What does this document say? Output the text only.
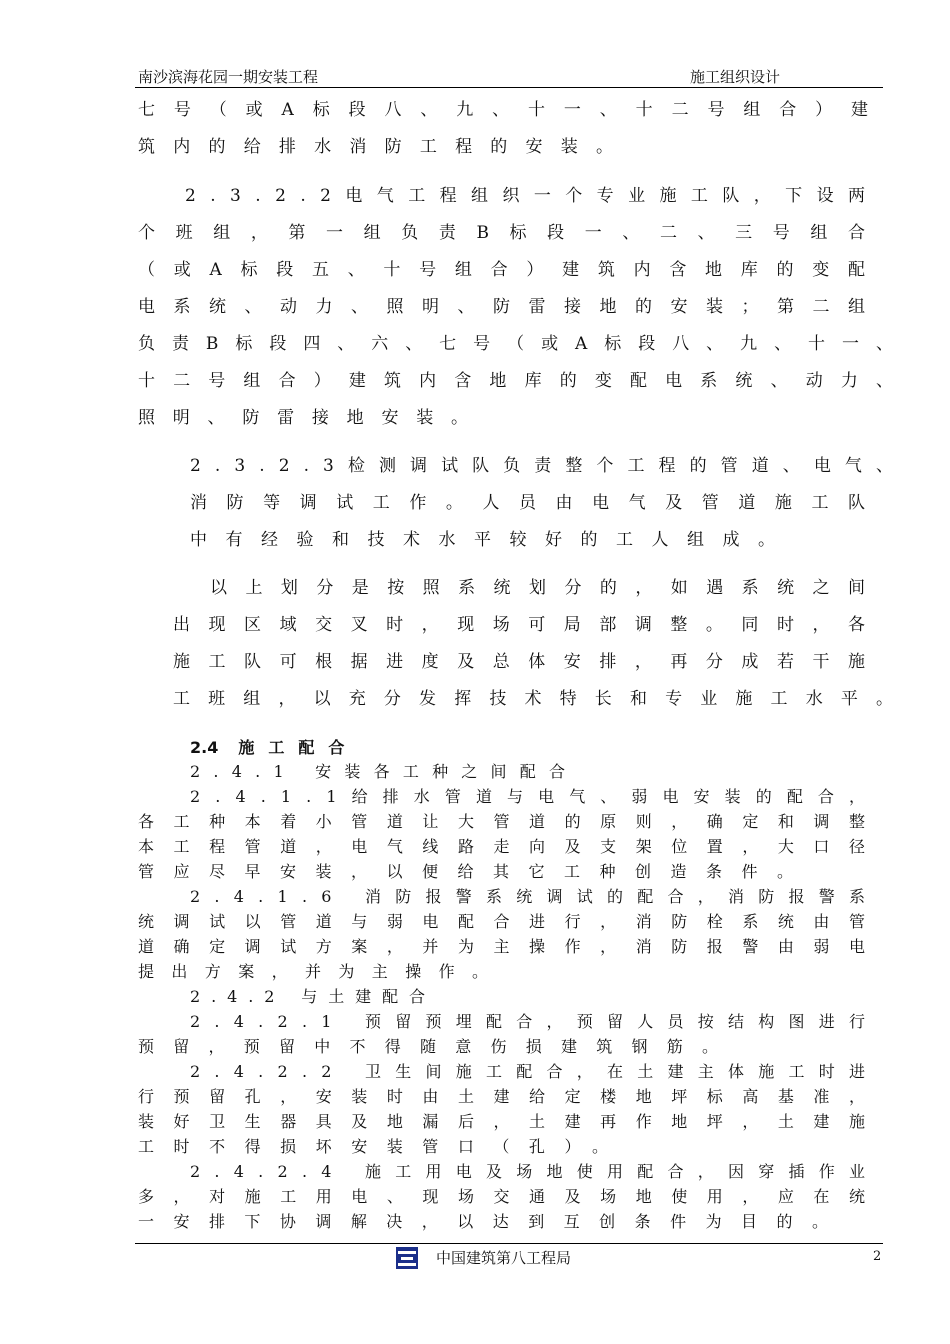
南沙滨海花园一期安装工程	施工组织设计
七号（或A标段八、九、十一、十二号组合）建
筑内的给排水消防工程的安装。
2.3.2.2电气工程组织一个专业施工队，下设两
个班组，第一组负责B标段一、二、三号组合
（或A标段五、十号组合）建筑内含地库的变配
电系统、动力、照明、防雷接地的安装；第二组
负责B标段四、六、七号（或A标段八、九、十一、
十二号组合）建筑内含地库的变配电系统、动力、
照明、防雷接地安装。
2.3.2.3检测调试队负责整个工程的管道、电气、
消防等调试工作。人员由电气及管道施工队
中有经验和技术水平较好的工人组成。
以上划分是按照系统划分的，如遇系统之间
出现区域交叉时，现场可局部调整。同时，各
施工队可根据进度及总体安排，再分成若干施
工班组，以充分发挥技术特长和专业施工水平。
2.4.1 安装各工种之间配合
2.4.1.1给排水管道与电气、弱电安装的配合，
各工种本着小管道让大管道的原则，确定和调整
本工程管道，电气线路走向及支架位置，大口径
管应尽早安装，以便给其它工种创造条件。
2.4.1.6 消防报警系统调试的配合，消防报警系
统调试以管道与弱电配合进行，消防栓系统由管
道确定调试方案，并为主操作，消防报警由弱电
提出方案，并为主操作。
2.4.2 与土建配合
2.4.2.1 预留预埋配合，预留人员按结构图进行
预留，预留中不得随意伤损建筑钢筋。
2.4.2.2 卫生间施工配合，在土建主体施工时进
行预留孔，安装时由土建给定楼地坪标高基准，
装好卫生器具及地漏后，土建再作地坪，土建施
工时不得损坏安装管口（孔）。
2.4.2.4 施工用电及场地使用配合，因穿插作业
多，对施工用电、现场交通及场地使用，应在统
一安排下协调解决，以达到互创条件为目的。
2.4 施工配合
中国建筑第八工程局	2
